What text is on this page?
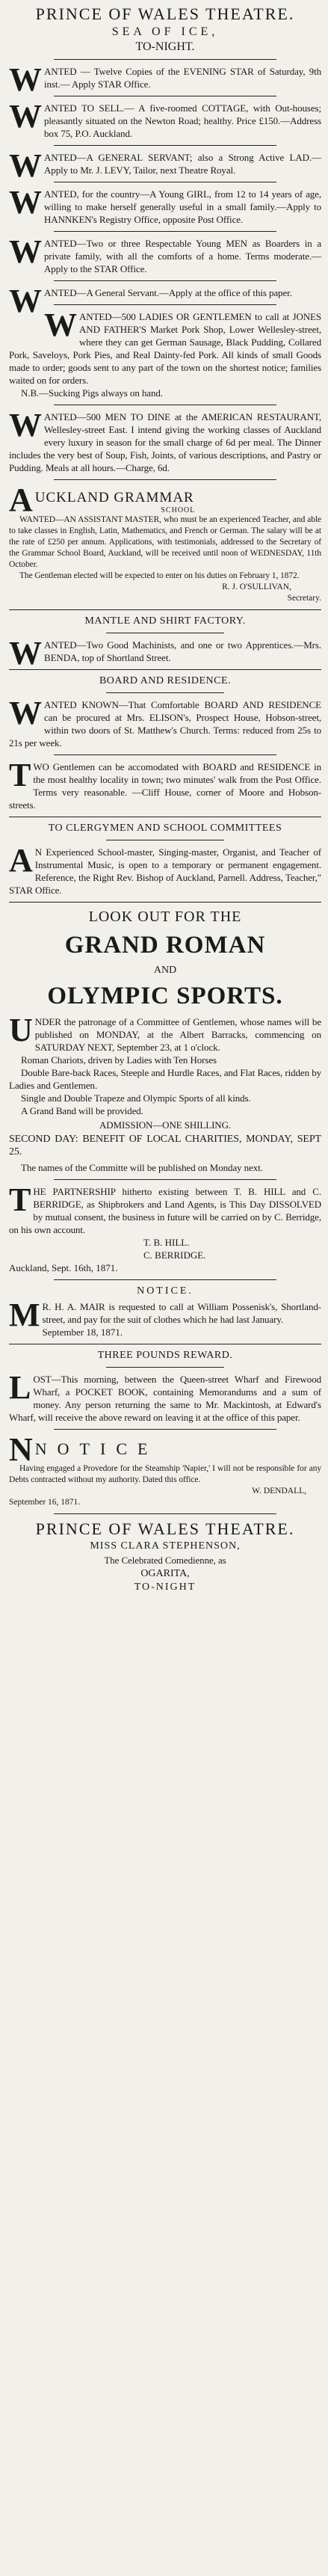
PRINCE OF WALES THEATRE.

SEA OF ICE,

TO-NIGHT.

W ANTED — Twelve Copies of the EVENING STAR of Saturday, 9th inst.— Apply STAR Office.

W ANTED TO SELL.— A five-roomed COTTAGE, with Out-houses; pleasantly situated on the Newton Road; healthy. Price £150.—Address box 75, P.O. Auckland.

W ANTED—A GENERAL SERVANT; also a Strong Active LAD.—Apply to Mr. J. LEVY, Tailor, next Theatre Royal.

W ANTED, for the country—A Young GIRL, from 12 to 14 years of age, willing to make herself generally useful in a small family.—Apply to HANNKEN's Registry Office, opposite Post Office.

W ANTED—Two or three Respectable Young MEN as Boarders in a private family, with all the comforts of a home. Terms moderate.—Apply to the STAR Office.

W ANTED—A General Servant.—Apply at the office of this paper.

W ANTED—500 LADIES OR GENTLEMEN to call at JONES AND FATHER'S Market Pork Shop, Lower Wellesley-street, where they can get German Sausage, Black Pudding, Collared Pork, Saveloys, Pork Pies, and Real Dainty-fed Pork. All kinds of small Goods made to order; goods sent to any part of the town on the shortest notice; families waited on for orders.

N.B.—Sucking Pigs always on hand.

W ANTED—500 MEN TO DINE at the AMERICAN RESTAURANT, Wellesley-street East. I intend giving the working classes of Auckland every luxury in season for the small charge of 6d per meal. The Dinner includes the very best of Soup, Fish, Joints, of various descriptions, and Pastry or Pudding. Meals at all hours.—Charge, 6d.

A UCKLAND GRAMMAR

SCHOOL

WANTED—AN ASSISTANT MASTER, who must be an experienced Teacher, and able to take classes in English, Latin, Mathematics, and French or German. The salary will be at the rate of £250 per annum. Applications, with testimonials, addressed to the Secretary of the Grammar School Board, Auckland, will be received until noon of WEDNESDAY, 11th October.

The Gentleman elected will be expected to enter on his duties on February 1, 1872.

R. J. O'SULLIVAN,

Secretary.

MANTLE AND SHIRT FACTORY.

W ANTED—Two Good Machinists, and one or two Apprentices.—Mrs. BENDA, top of Shortland Street.

BOARD AND RESIDENCE.

W ANTED KNOWN—That Comfortable BOARD AND RESIDENCE can be procured at Mrs. ELISON's, Prospect House, Hobson-street, within two doors of St. Matthew's Church. Terms: reduced from 25s to 21s per week.

T WO Gentlemen can be accomodated with BOARD and RESIDENCE in the most healthy locality in town; two minutes' walk from the Post Office. Terms very reasonable. —Cliff House, corner of Moore and Hobson-streets.

TO CLERGYMEN AND SCHOOL COMMITTEES

A N Experienced School-master, Singing-master, Organist, and Teacher of Instrumental Music, is open to a temporary or permanent engagement. Reference, the Right Rev. Bishop of Auckland, Parnell. Address, Teacher," STAR Office.

LOOK OUT FOR THE

GRAND ROMAN

AND

OLYMPIC SPORTS.

U NDER the patronage of a Committee of Gentlemen, whose names will be published on MONDAY, at the Albert Barracks, commencing on SATURDAY NEXT, September 23, at 1 o'clock.

Roman Chariots, driven by Ladies with Ten Horses

Double Bare-back Races, Steeple and Hurdle Races, and Flat Races, ridden by Ladies and Gentlemen.

Single and Double Trapeze and Olympic Sports of all kinds.

A Grand Band will be provided.

ADMISSION—ONE SHILLING.

SECOND DAY: BENEFIT OF LOCAL CHARITIES, MONDAY, SEPT 25.

The names of the Committe will be published on Monday next.

T HE PARTNERSHIP hitherto existing between T. B. HILL and C. BERRIDGE, as Shipbrokers and Land Agents, is This Day DISSOLVED by mutual consent, the business in future will be carried on by C. Berridge, on his own account.

T. B. HILL.

C. BERRIDGE.

Auckland, Sept. 16th, 1871.

NOTICE.

M R. H. A. MAIR is requested to call at William Possenisk's, Shortland-street, and pay for the suit of clothes which he had last January.

September 18, 1871.

THREE POUNDS REWARD.

L OST—This morning, between the Queen-street Wharf and Firewood Wharf, a POCKET BOOK, containing Memorandums and a sum of money. Any person returning the same to Mr. Mackintosh, at Edward's Wharf, will receive the above reward on leaving it at the office of this paper.

N NOTICE

Having engaged a Provedore for the Steamship 'Napier,' I will not be responsible for any Debts contracted without my authority. Dated this office.

W. DENDALL,

September 16, 1871.

PRINCE OF WALES THEATRE.

MISS CLARA STEPHENSON,

The Celebrated Comedienne, as

OGARITA,

TO-NIGHT
